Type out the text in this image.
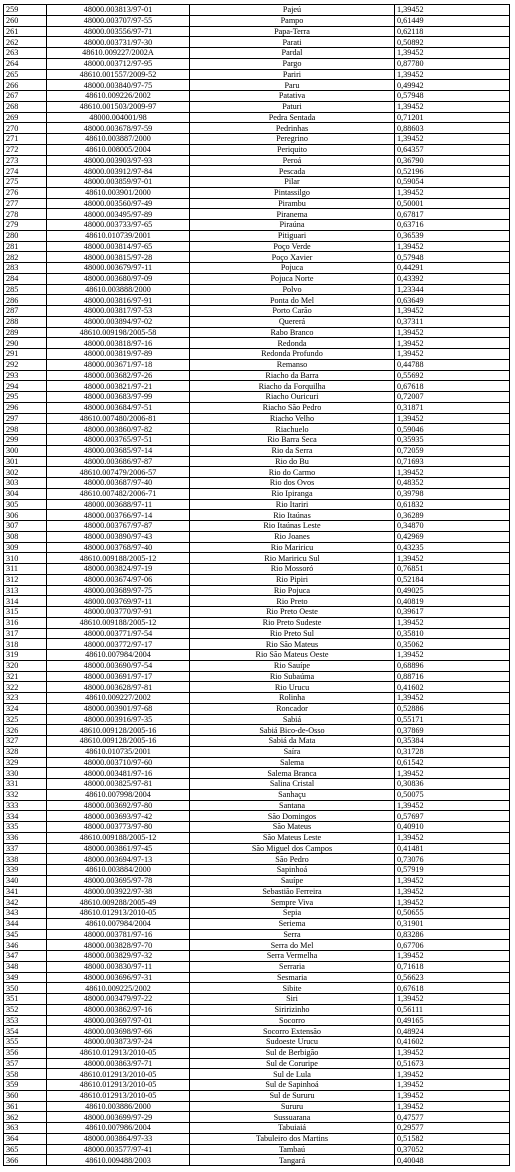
259	48000.003813/97-01	Pajeú	1,39452
260	48000.003707/97-55	Pampo	0,61449
261	48000.003556/97-71	Papa-Terra	0,62118
262	48000.003731/97-30	Parati	0,50892
263	48610.009227/2002A	Pardal	1,39452
264	48000.003712/97-95	Pargo	0,87780
265	48610.001557/2009-52	Pariri	1,39452
266	48000.003840/97-75	Paru	0,49942
267	48610.009226/2002	Patativa	0,57948
268	48610.001503/2009-97	Paturi	1,39452
269	48000.004001/98	Pedra Sentada	0,71201
270	48000.003678/97-59	Pedrinhas	0,88603
271	48610.003887/2000	Peregrino	1,39452
272	48610.008005/2004	Periquito	0,64357
273	48000.003903/97-93	Peroá	0,36790
274	48000.003912/97-84	Pescada	0,52196
275	48000.003859/97-01	Pilar	0,59054
276	48610.003901/2000	Pintassilgo	1,39452
277	48000.003560/97-49	Pirambu	0,50001
278	48000.003495/97-89	Piranema	0,67817
279	48000.003733/97-65	Piraúna	0,63716
280	48610.010739/2001	Pitiguari	0,36539
281	48000.003814/97-65	Poço Verde	1,39452
282	48000.003815/97-28	Poço Xavier	0,57948
283	48000.003679/97-11	Pojuca	0,44291
284	48000.003680/97-09	Pojuca Norte	0,43392
285	48610.003888/2000	Polvo	1,23344
286	48000.003816/97-91	Ponta do Mel	0,63649
287	48000.003817/97-53	Porto Carão	1,39452
288	48000.003894/97-02	Quererá	0,37311
289	48610.009198/2005-58	Rabo Branco	1,39452
290	48000.003818/97-16	Redonda	1,39452
291	48000.003819/97-89	Redonda Profundo	1,39452
292	48000.003671/97-18	Remanso	0,44788
293	48000.003682/97-26	Riacho da Barra	0,55692
294	48000.003821/97-21	Riacho da Forquilha	0,67618
295	48000.003683/97-99	Riacho Ouricuri	0,72007
296	48000.003684/97-51	Riacho São Pedro	0,31871
297	48610.007480/2006-81	Riacho Velho	1,39452
298	48000.003860/97-82	Riachuelo	0,59046
299	48000.003765/97-51	Rio Barra Seca	0,35935
300	48000.003685/97-14	Rio da Serra	0,72059
301	48000.003686/97-87	Rio do Bu	0,71693
302	48610.007479/2006-57	Rio do Carmo	1,39452
303	48000.003687/97-40	Rio dos Ovos	0,48352
304	48610.007482/2006-71	Rio Ipiranga	0,39798
305	48000.003688/97-11	Rio Itariri	0,61832
306	48000.003766/97-14	Rio Itaúnas	0,36289
307	48000.003767/97-87	Rio Itaúnas Leste	0,34870
308	48000.003890/97-43	Rio Joanes	0,42969
309	48000.003768/97-40	Rio Mariricu	0,43235
310	48610.009188/2005-12	Rio Mariricu Sul	1,39452
311	48000.003824/97-19	Rio Mossoró	0,76851
312	48000.003674/97-06	Rio Pipiri	0,52184
313	48000.003689/97-75	Rio Pojuca	0,49025
314	48000.003769/97-11	Rio Preto	0,40819
315	48000.003770/97-91	Rio Preto Oeste	0,39617
316	48610.009188/2005-12	Rio Preto Sudeste	1,39452
317	48000.003771/97-54	Rio Preto Sul	0,35810
318	48000.003772/97-17	Rio São Mateus	0,35062
319	48610.007984/2004	Rio São Mateus Oeste	1,39452
320	48000.003690/97-54	Rio Sauípe	0,68896
321	48000.003691/97-17	Rio Subaúma	0,88716
322	48000.003628/97-81	Rio Urucu	0,41602
323	48610.009227/2002	Rolinha	1,39452
324	48000.003901/97-68	Roncador	0,52886
325	48000.003916/97-35	Sabiá	0,55171
326	48610.009128/2005-16	Sabiá Bico-de-Osso	0,37869
327	48610.009128/2005-16	Sabiá da Mata	0,35384
328	48610.010735/2001	Saíra	0,31728
329	48000.003710/97-60	Salema	0,61542
330	48000.003481/97-16	Salema Branca	1,39452
331	48000.003825/97-81	Salina Cristal	0,30836
332	48610.007998/2004	Sanhaçu	0,50075
333	48000.003692/97-80	Santana	1,39452
334	48000.003693/97-42	São Domingos	0,57697
335	48000.003773/97-80	São Mateus	0,40910
336	48610.009188/2005-12	São Mateus Leste	1,39452
337	48000.003861/97-45	São Miguel dos Campos	0,41481
338	48000.003694/97-13	São Pedro	0,73076
339	48610.003884/2000	Sapinhoá	0,57919
340	48000.003695/97-78	Sauípe	1,39452
341	48000.003922/97-38	Sebastião Ferreira	1,39452
342	48610.009288/2005-49	Sempre Viva	1,39452
343	48610.012913/2010-05	Sepia	0,50655
344	48610.007984/2004	Seriema	0,31901
345	48000.003781/97-16	Serra	0,83286
346	48000.003828/97-70	Serra do Mel	0,67706
347	48000.003829/97-32	Serra Vermelha	1,39452
348	48000.003830/97-11	Serraria	0,71618
349	48000.003696/97-31	Sesmaria	0,56623
350	48610.009225/2002	Sibite	0,67618
351	48000.003479/97-22	Siri	1,39452
352	48000.003862/97-16	Siririzinho	0,56111
353	48000.003697/97-01	Socorro	0,49165
354	48000.003698/97-66	Socorro Extensão	0,48924
355	48000.003873/97-24	Sudoeste Urucu	0,41602
356	48610.012913/2010-05	Sul de Berbigão	1,39452
357	48000.003863/97-71	Sul de Coruripe	0,51673
358	48610.012913/2010-05	Sul de Lula	1,39452
359	48610.012913/2010-05	Sul de Sapinhoá	1,39452
360	48610.012913/2010-05	Sul de Sururu	1,39452
361	48610.003886/2000	Sururu	1,39452
362	48000.003699/97-29	Sussuarana	0,47577
363	48610.007986/2004	Tabuiaiá	0,29577
364	48000.003864/97-33	Tabuleiro dos Martins	0,51582
365	48000.003577/97-41	Tambaú	0,37052
366	48610.009488/2003	Tangará	0,40048
